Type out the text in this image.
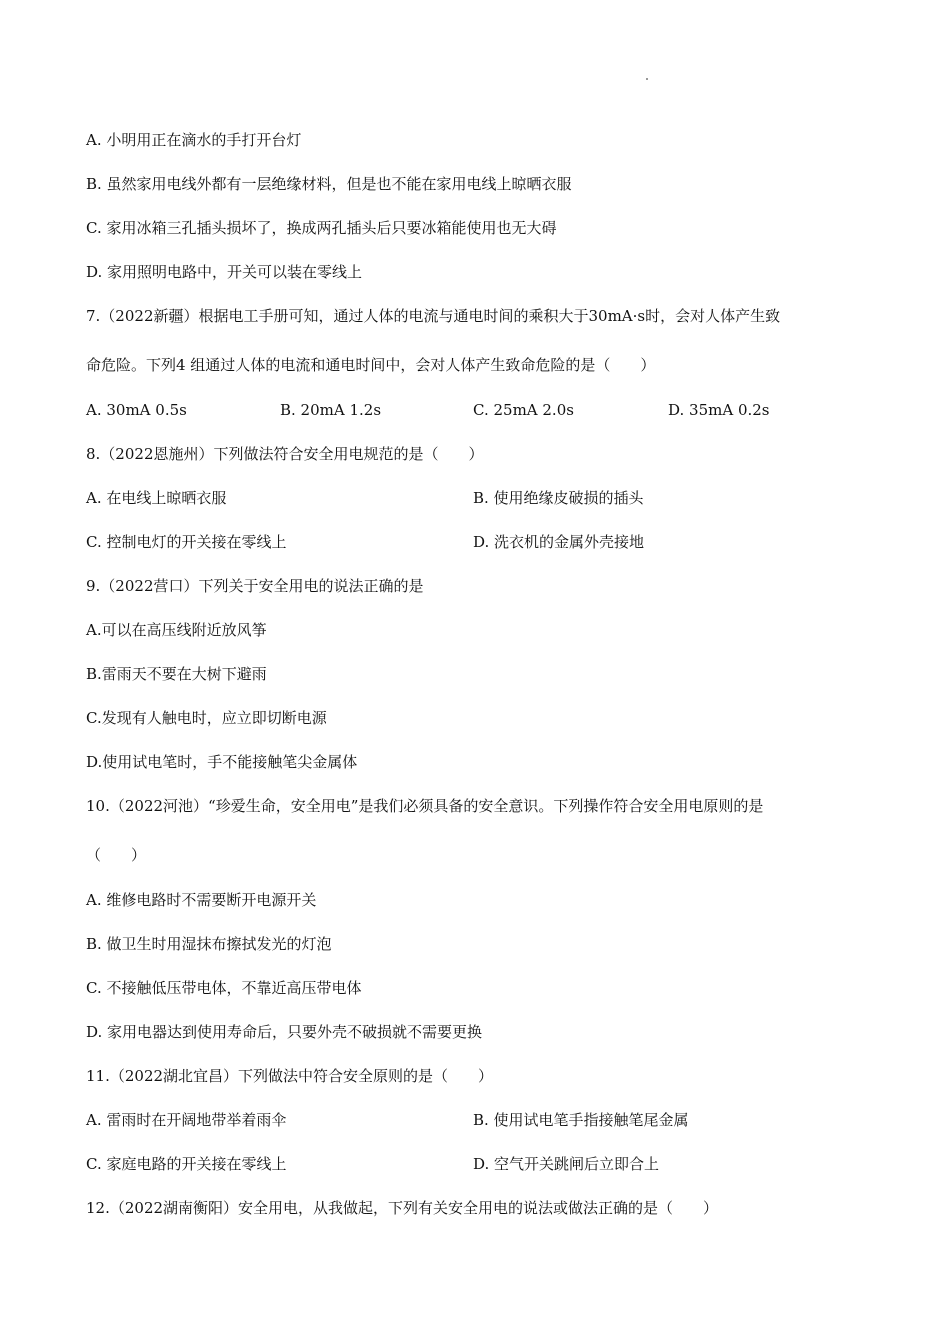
A. 小明用正在滴水的手打开台灯
B. 虽然家用电线外都有一层绝缘材料，但是也不能在家用电线上晾晒衣服
C. 家用冰箱三孔插头损坏了，换成两孔插头后只要冰箱能使用也无大碍
D. 家用照明电路中，开关可以装在零线上
7.（2022新疆）根据电工手册可知，通过人体的电流与通电时间的乘积大于30mA·s时，会对人体产生致
命危险。下列4 组通过人体的电流和通电时间中，会对人体产生致命危险的是（　　）
A. 30mA 0.5s	B. 20mA 1.2s	C. 25mA 2.0s	D. 35mA 0.2s
8.（2022恩施州）下列做法符合安全用电规范的是（　　）
A. 在电线上晾晒衣服	B. 使用绝缘皮破损的插头
C. 控制电灯的开关接在零线上	D. 洗衣机的金属外壳接地
9.（2022营口）下列关于安全用电的说法正确的是
A.可以在高压线附近放风筝
B.雷雨天不要在大树下避雨
C.发现有人触电时，应立即切断电源
D.使用试电笔时，手不能接触笔尖金属体
10.（2022河池）“珍爱生命，安全用电”是我们必须具备的安全意识。下列操作符合安全用电原则的是
（　　）
A. 维修电路时不需要断开电源开关
B. 做卫生时用湿抹布擦拭发光的灯泡
C. 不接触低压带电体，不靠近高压带电体
D. 家用电器达到使用寿命后，只要外壳不破损就不需要更换
11.（2022湖北宜昌）下列做法中符合安全原则的是（　　）
A. 雷雨时在开阔地带举着雨伞	B. 使用试电笔手指接触笔尾金属
C. 家庭电路的开关接在零线上	D. 空气开关跳闸后立即合上
12.（2022湖南衡阳）安全用电，从我做起，下列有关安全用电的说法或做法正确的是（　　）
